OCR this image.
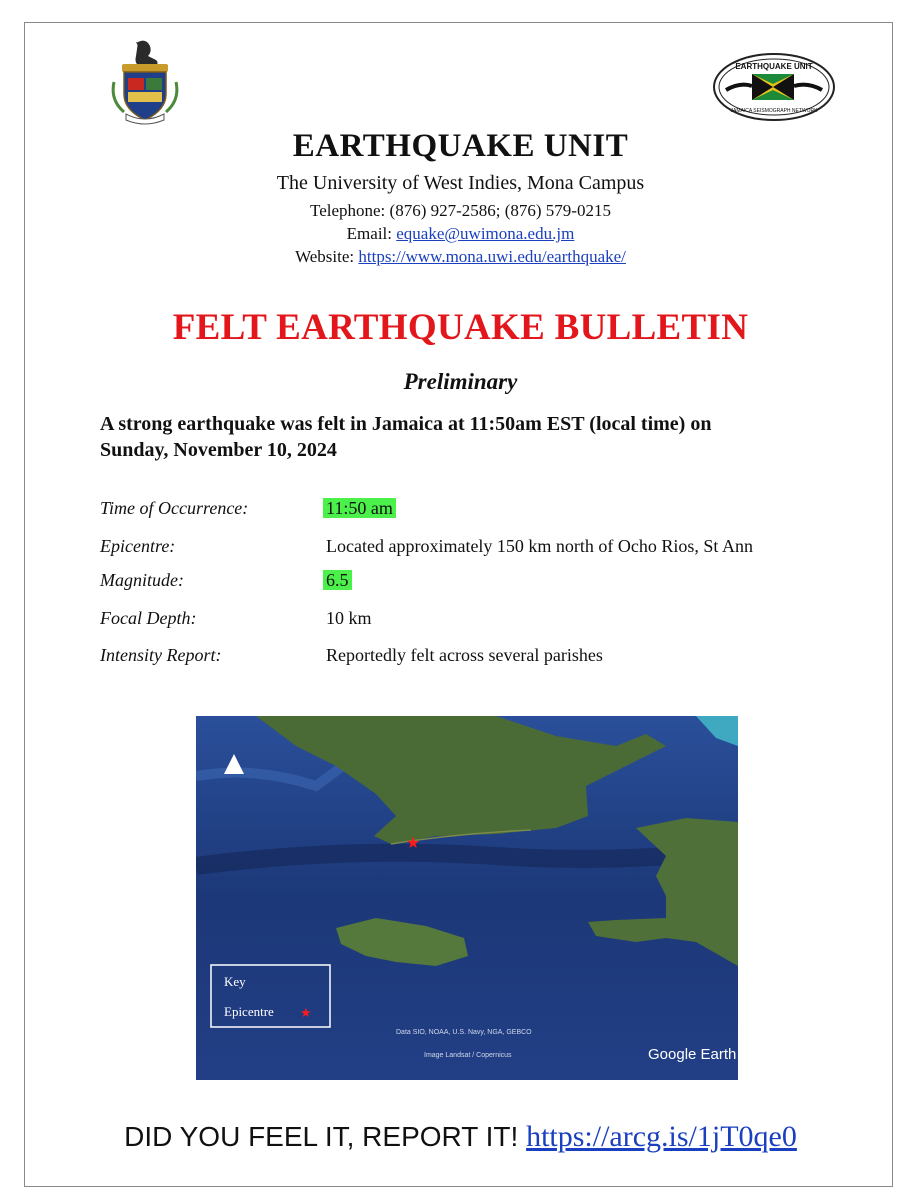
EARTHQUAKE UNIT
JAMAICA SEISMOGRAPH NETWORK
EARTHQUAKE UNIT
The University of West Indies, Mona Campus
Telephone: (876) 927-2586; (876) 579-0215
Email: equake@uwimona.edu.jm
Website: https://www.mona.uwi.edu/earthquake/
FELT EARTHQUAKE BULLETIN
Preliminary
A strong earthquake was felt in Jamaica at 11:50am EST (local time) on
Sunday, November 10, 2024
Time of Occurrence:	11:50 am
Epicentre:	Located approximately 150 km north of Ocho Rios, St Ann
Magnitude:	6.5
Focal Depth:	10 km
Intensity Report:	Reportedly felt across several parishes
★
Key
Epicentre ★
Data SIO, NOAA, U.S. Navy, NGA, GEBCO
Image Landsat / Copernicus	Google Earth
DID YOU FEEL IT, REPORT IT! https://arcg.is/1jT0qe0
